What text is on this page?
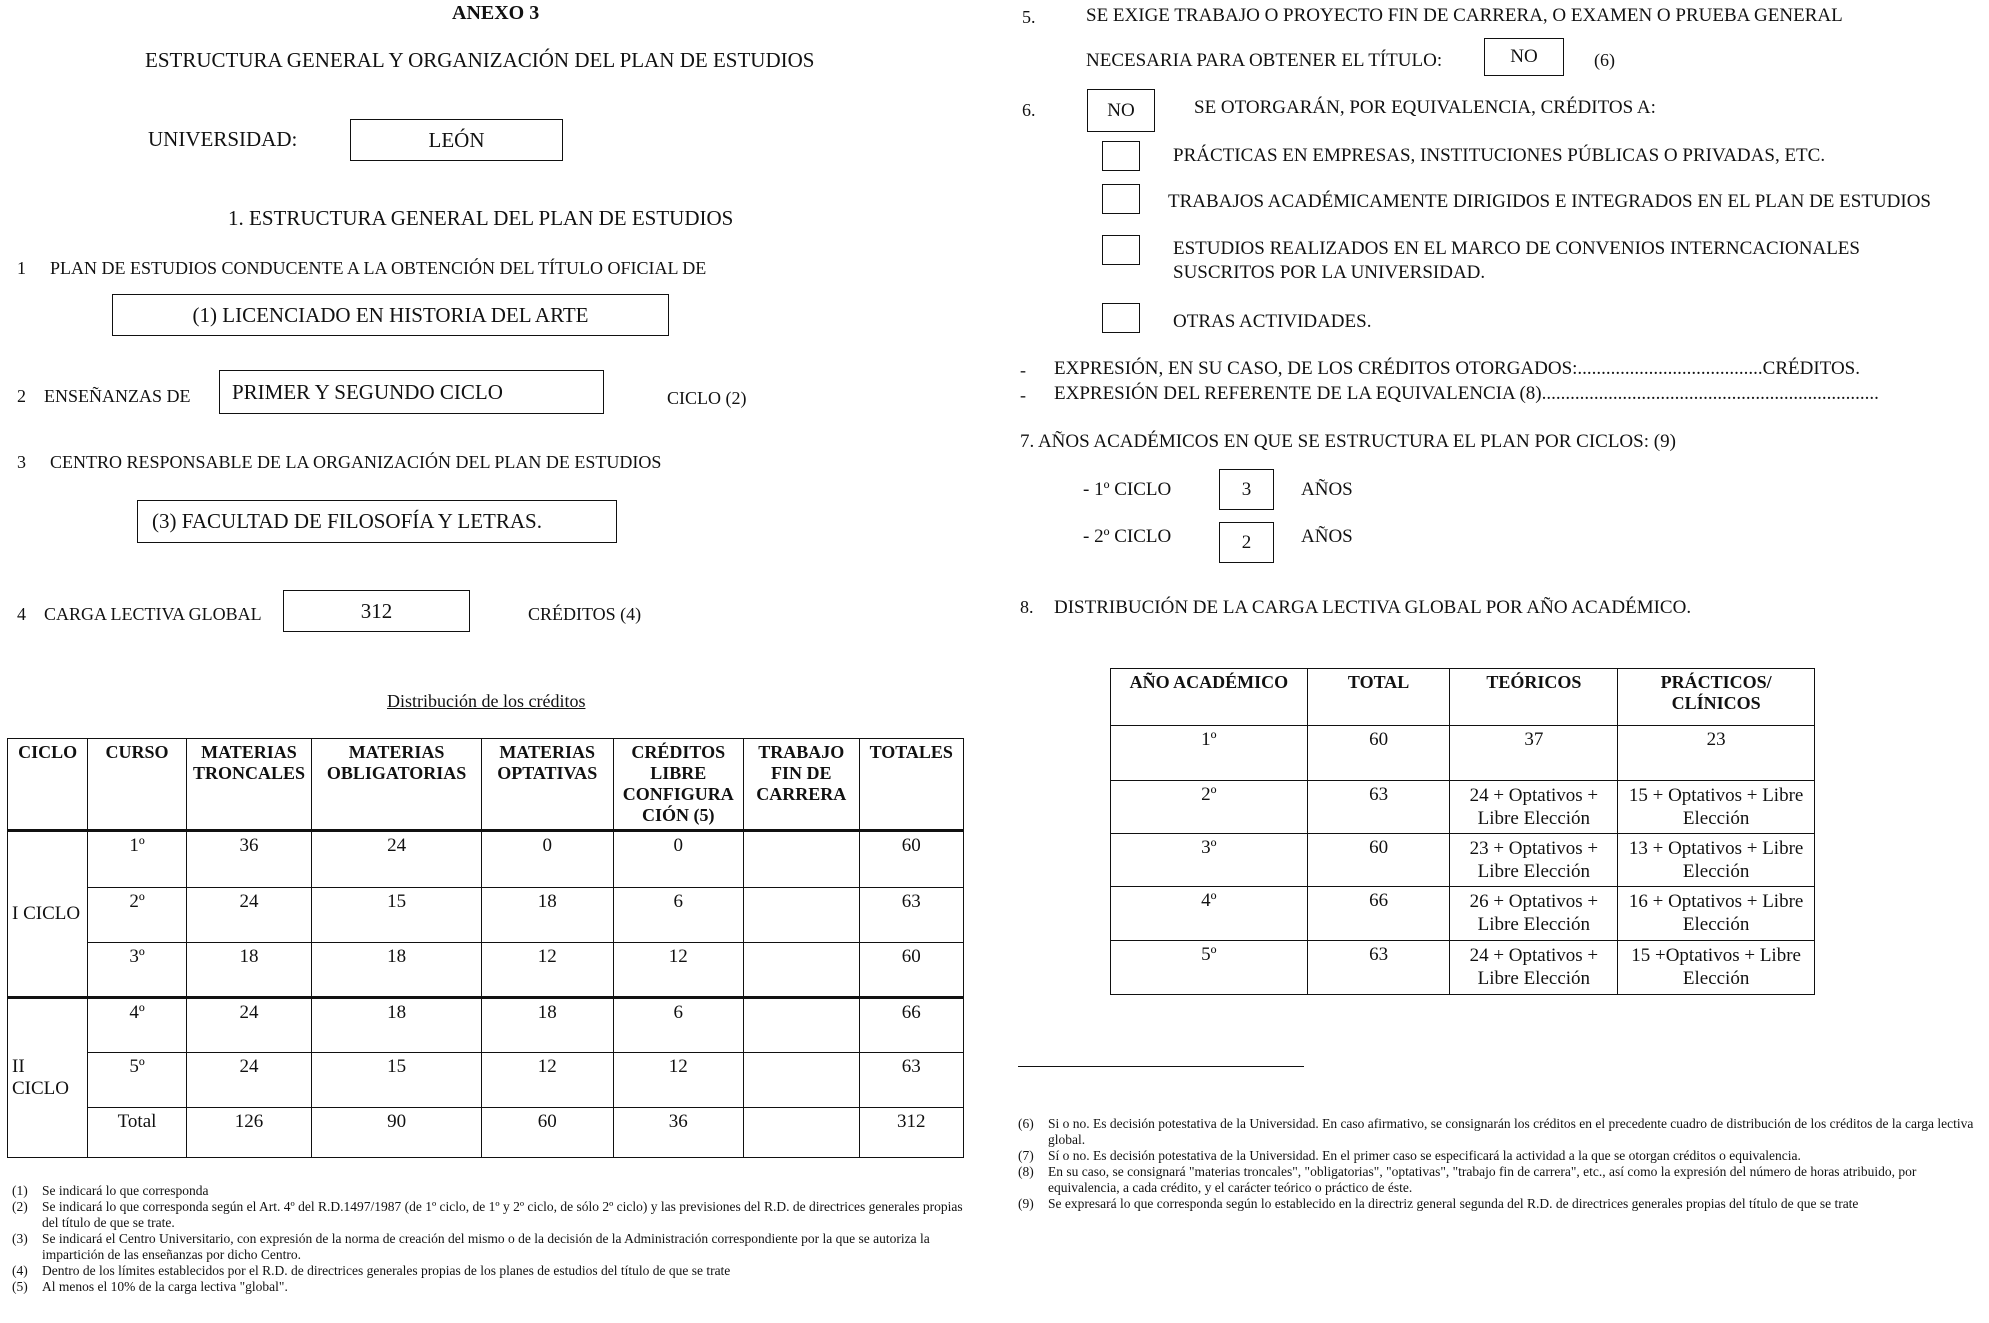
ANEXO 3
ESTRUCTURA GENERAL Y ORGANIZACIÓN DEL PLAN DE ESTUDIOS
UNIVERSIDAD:	LEÓN
1. ESTRUCTURA GENERAL DEL PLAN DE ESTUDIOS
1 PLAN DE ESTUDIOS CONDUCENTE A LA OBTENCIÓN DEL TÍTULO OFICIAL DE
(1) LICENCIADO EN HISTORIA DEL ARTE
2 ENSEÑANZAS DE	PRIMER Y SEGUNDO CICLO	CICLO (2)
3 CENTRO RESPONSABLE DE LA ORGANIZACIÓN DEL PLAN DE ESTUDIOS
(3) FACULTAD DE FILOSOFÍA Y LETRAS.
4 CARGA LECTIVA GLOBAL	312	CRÉDITOS (4)
Distribución de los créditos
CICLO	CURSO	MATERIAS TRONCALES	MATERIAS OBLIGATORIAS	MATERIAS OPTATIVAS	CRÉDITOS LIBRE CONFIGURA CIÓN (5)	TRABAJO FIN DE CARRERA	TOTALES
I CICLO	1º	36	24	0	0		60
	2º	24	15	18	6		63
	3º	18	18	12	12		60
II CICLO	4º	24	18	18	6		66
	5º	24	15	12	12		63
	Total	126	90	60	36		312
(1) Se indicará lo que corresponda
(2) Se indicará lo que corresponda según el Art. 4º del R.D.1497/1987 (de 1º ciclo, de 1º y 2º ciclo, de sólo 2º ciclo) y las previsiones del R.D. de directrices generales propias del título de que se trate.
(3) Se indicará el Centro Universitario, con expresión de la norma de creación del mismo o de la decisión de la Administración correspondiente por la que se autoriza la impartición de las enseñanzas por dicho Centro.
(4) Dentro de los límites establecidos por el R.D. de directrices generales propias de los planes de estudios del título de que se trate
(5) Al menos el 10% de la carga lectiva "global".
5.	SE EXIGE TRABAJO O PROYECTO FIN DE CARRERA, O EXAMEN O PRUEBA GENERAL
NECESARIA PARA OBTENER EL TÍTULO:	NO	(6)
6.	NO	SE OTORGARÁN, POR EQUIVALENCIA, CRÉDITOS A:
PRÁCTICAS EN EMPRESAS, INSTITUCIONES PÚBLICAS O PRIVADAS, ETC.
TRABAJOS ACADÉMICAMENTE DIRIGIDOS E INTEGRADOS EN EL PLAN DE ESTUDIOS
ESTUDIOS REALIZADOS EN EL MARCO DE CONVENIOS INTERNCACIONALES
SUSCRITOS POR LA UNIVERSIDAD.
OTRAS ACTIVIDADES.
- EXPRESIÓN, EN SU CASO, DE LOS CRÉDITOS OTORGADOS:.......................................CRÉDITOS.
- EXPRESIÓN DEL REFERENTE DE LA EQUIVALENCIA (8).......................................................................
7. AÑOS ACADÉMICOS EN QUE SE ESTRUCTURA EL PLAN POR CICLOS: (9)
- 1º CICLO	3	AÑOS
- 2º CICLO	2	AÑOS
8. DISTRIBUCIÓN DE LA CARGA LECTIVA GLOBAL POR AÑO ACADÉMICO.
AÑO ACADÉMICO	TOTAL	TEÓRICOS	PRÁCTICOS/ CLÍNICOS
1º	60	37	23
2º	63	24 + Optativos + Libre Elección	15 + Optativos + Libre Elección
3º	60	23 + Optativos + Libre Elección	13 + Optativos + Libre Elección
4º	66	26 + Optativos + Libre Elección	16 + Optativos + Libre Elección
5º	63	24 + Optativos + Libre Elección	15 +Optativos + Libre Elección
(6) Si o no. Es decisión potestativa de la Universidad. En caso afirmativo, se consignarán los créditos en el precedente cuadro de distribución de los créditos de la carga lectiva global.
(7) Sí o no. Es decisión potestativa de la Universidad. En el primer caso se especificará la actividad a la que se otorgan créditos o equivalencia.
(8) En su caso, se consignará "materias troncales", "obligatorias", "optativas", "trabajo fin de carrera", etc., así como la expresión del número de horas atribuido, por equivalencia, a cada crédito, y el carácter teórico o práctico de éste.
(9) Se expresará lo que corresponda según lo establecido en la directriz general segunda del R.D. de directrices generales propias del título de que se trate
